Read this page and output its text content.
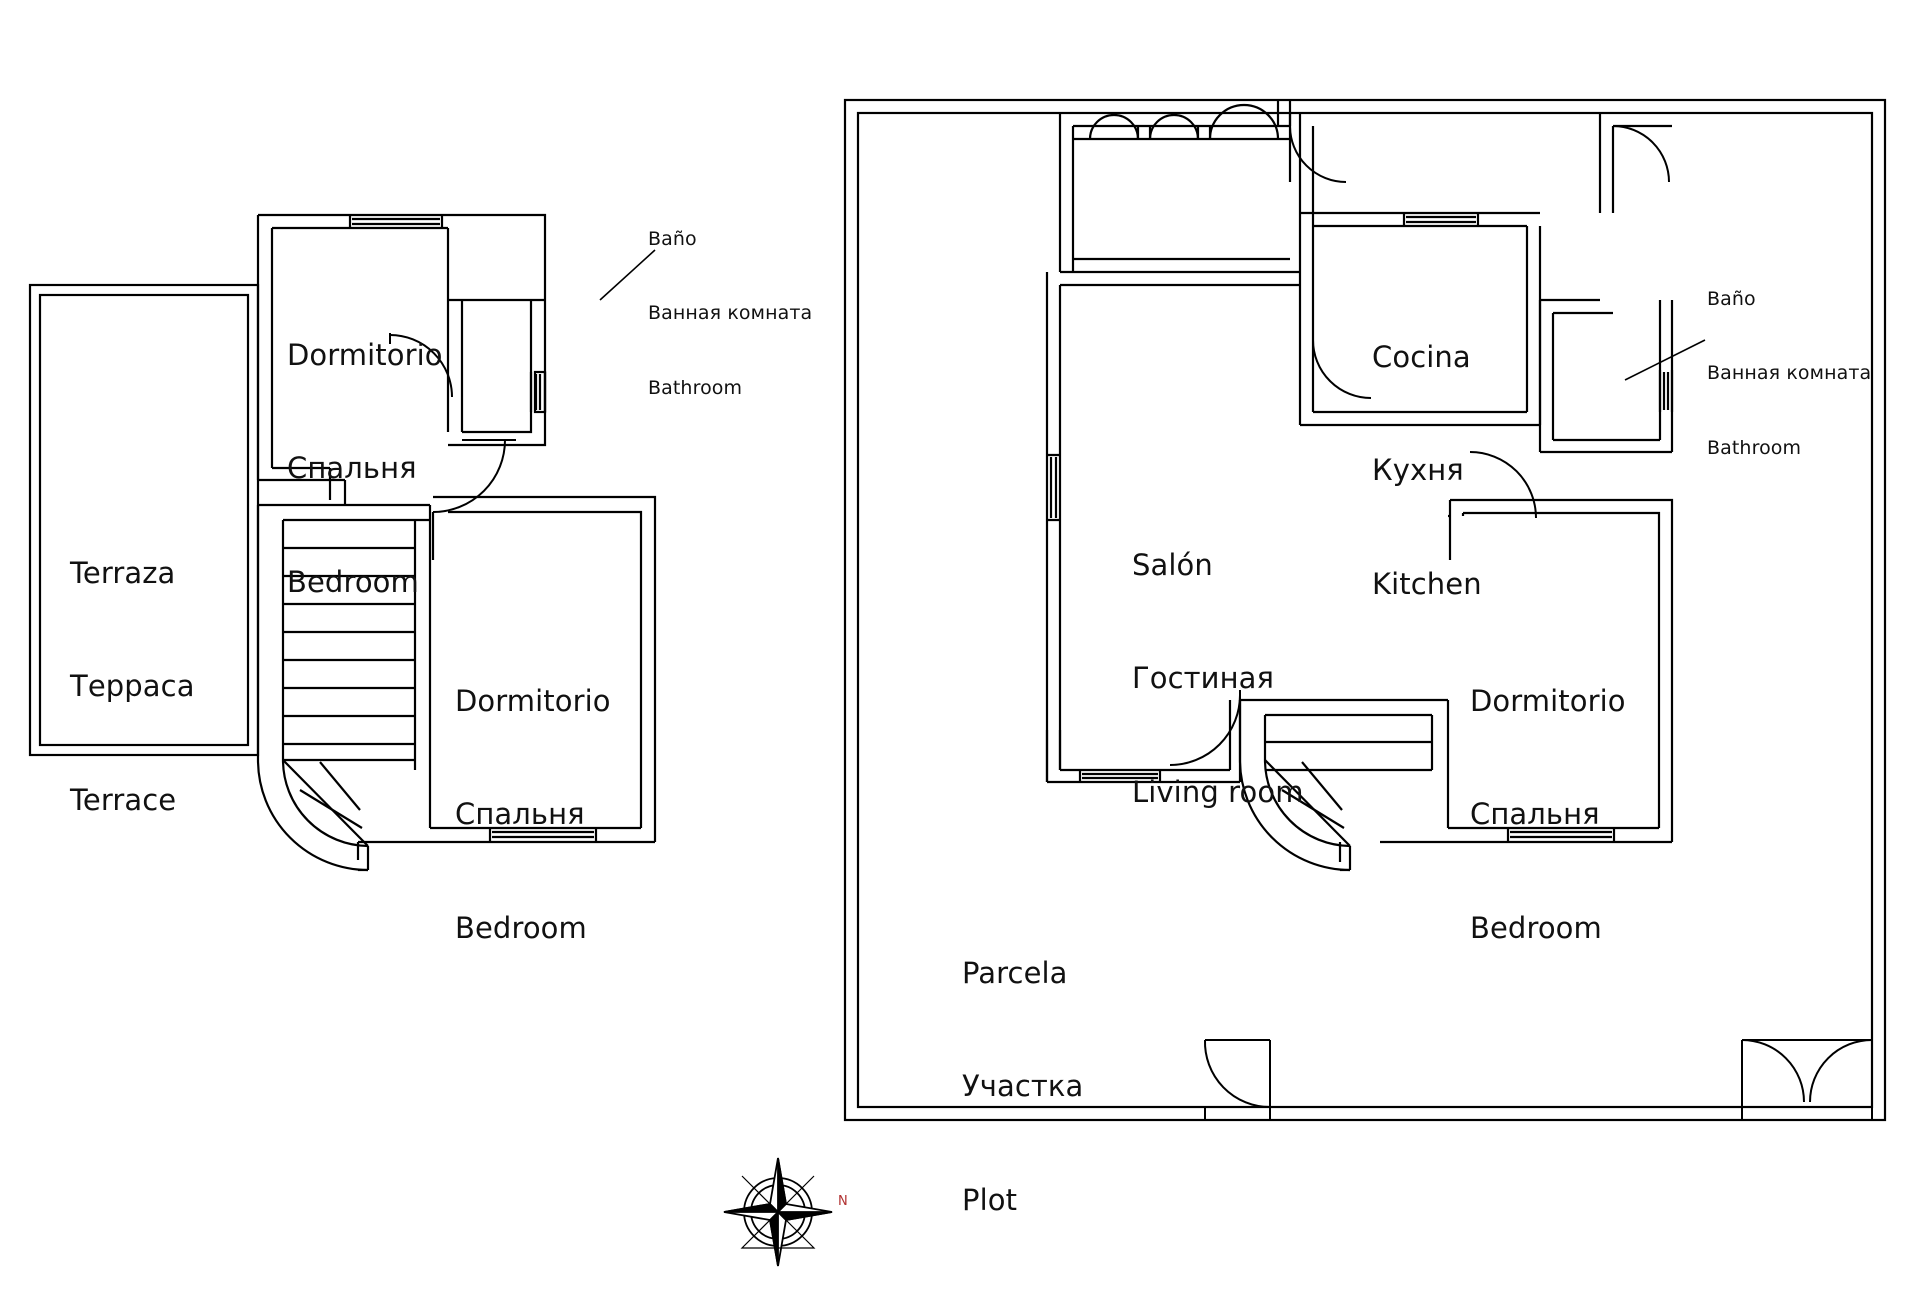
N

Terraza

Терраса

Terrace

Dormitorio

Спальня

Bedroom

Dormitorio

Спальня

Bedroom

Baño

Ванная комната

Bathroom

Cocina

Кухня

Kitchen

Salón

Гостиная

Living room

Dormitorio

Спальня

Bedroom

Parcela

Участка

Plot

Baño

Ванная комната

Bathroom
